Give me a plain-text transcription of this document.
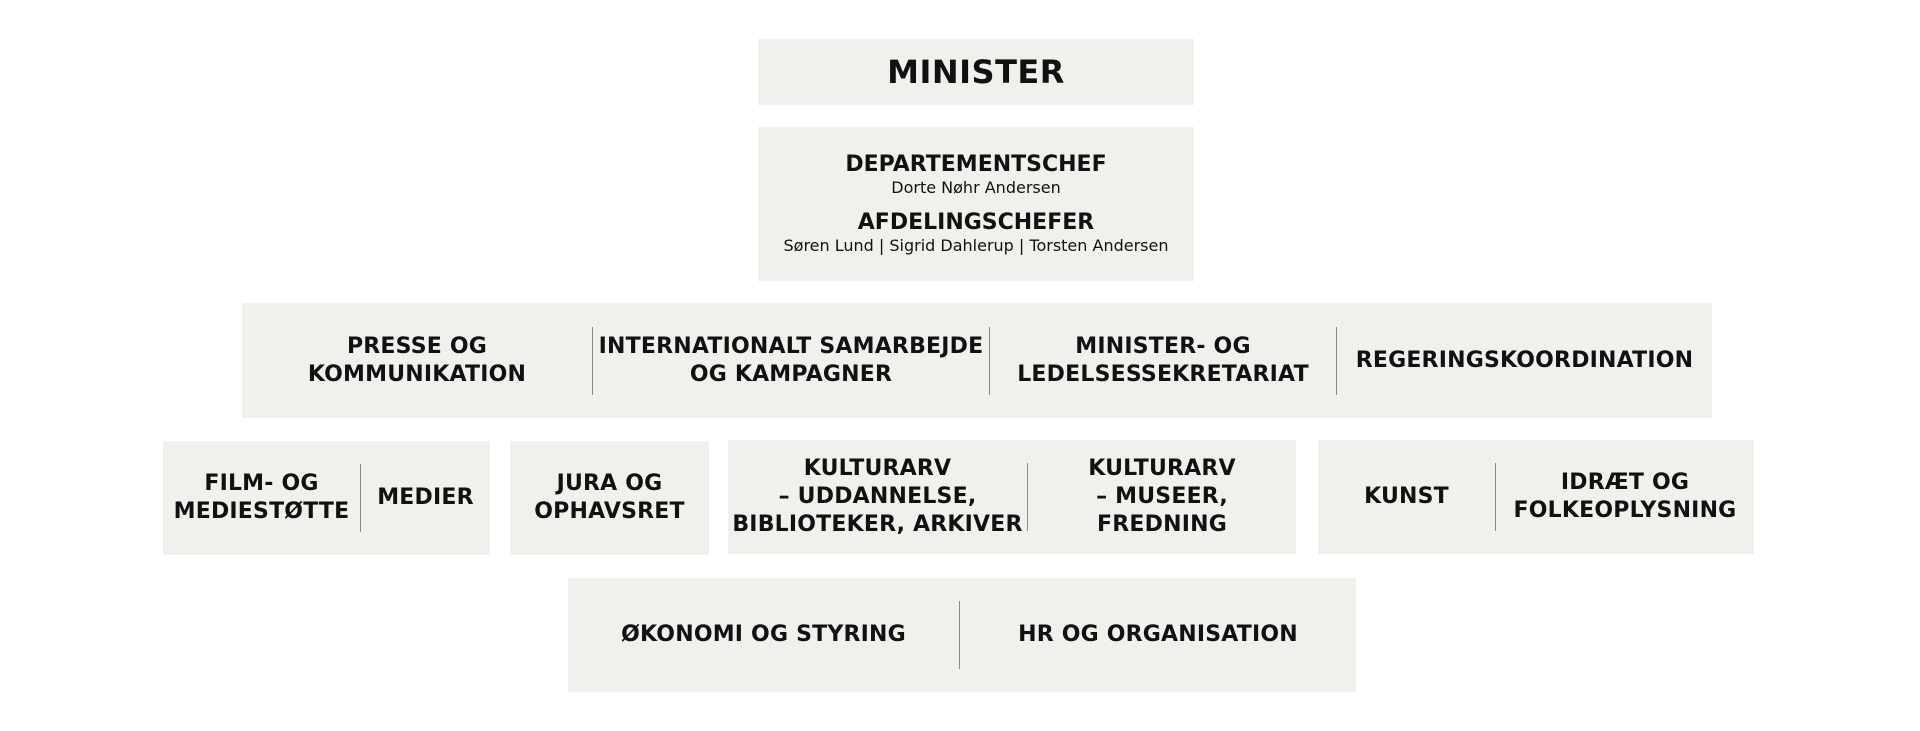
MINISTER
DEPARTEMENTSCHEF
Dorte Nøhr Andersen
AFDELINGSCHEFER
Søren Lund | Sigrid Dahlerup | Torsten Andersen
PRESSE OG KOMMUNIKATION
INTERNATIONALT SAMARBEJDE
OG KAMPAGNER
MINISTER- OG
LEDELSESSEKRETARIAT
REGERINGSKOORDINATION
FILM- OG
MEDIESTØTTE
MEDIER
JURA OG
OPHAVSRET
KULTURARV
– UDDANNELSE,
BIBLIOTEKER, ARKIVER
KULTURARV
– MUSEER, FREDNING
KUNST
IDRÆT OG
FOLKEOPLYSNING
ØKONOMI OG STYRING	HR OG ORGANISATION
